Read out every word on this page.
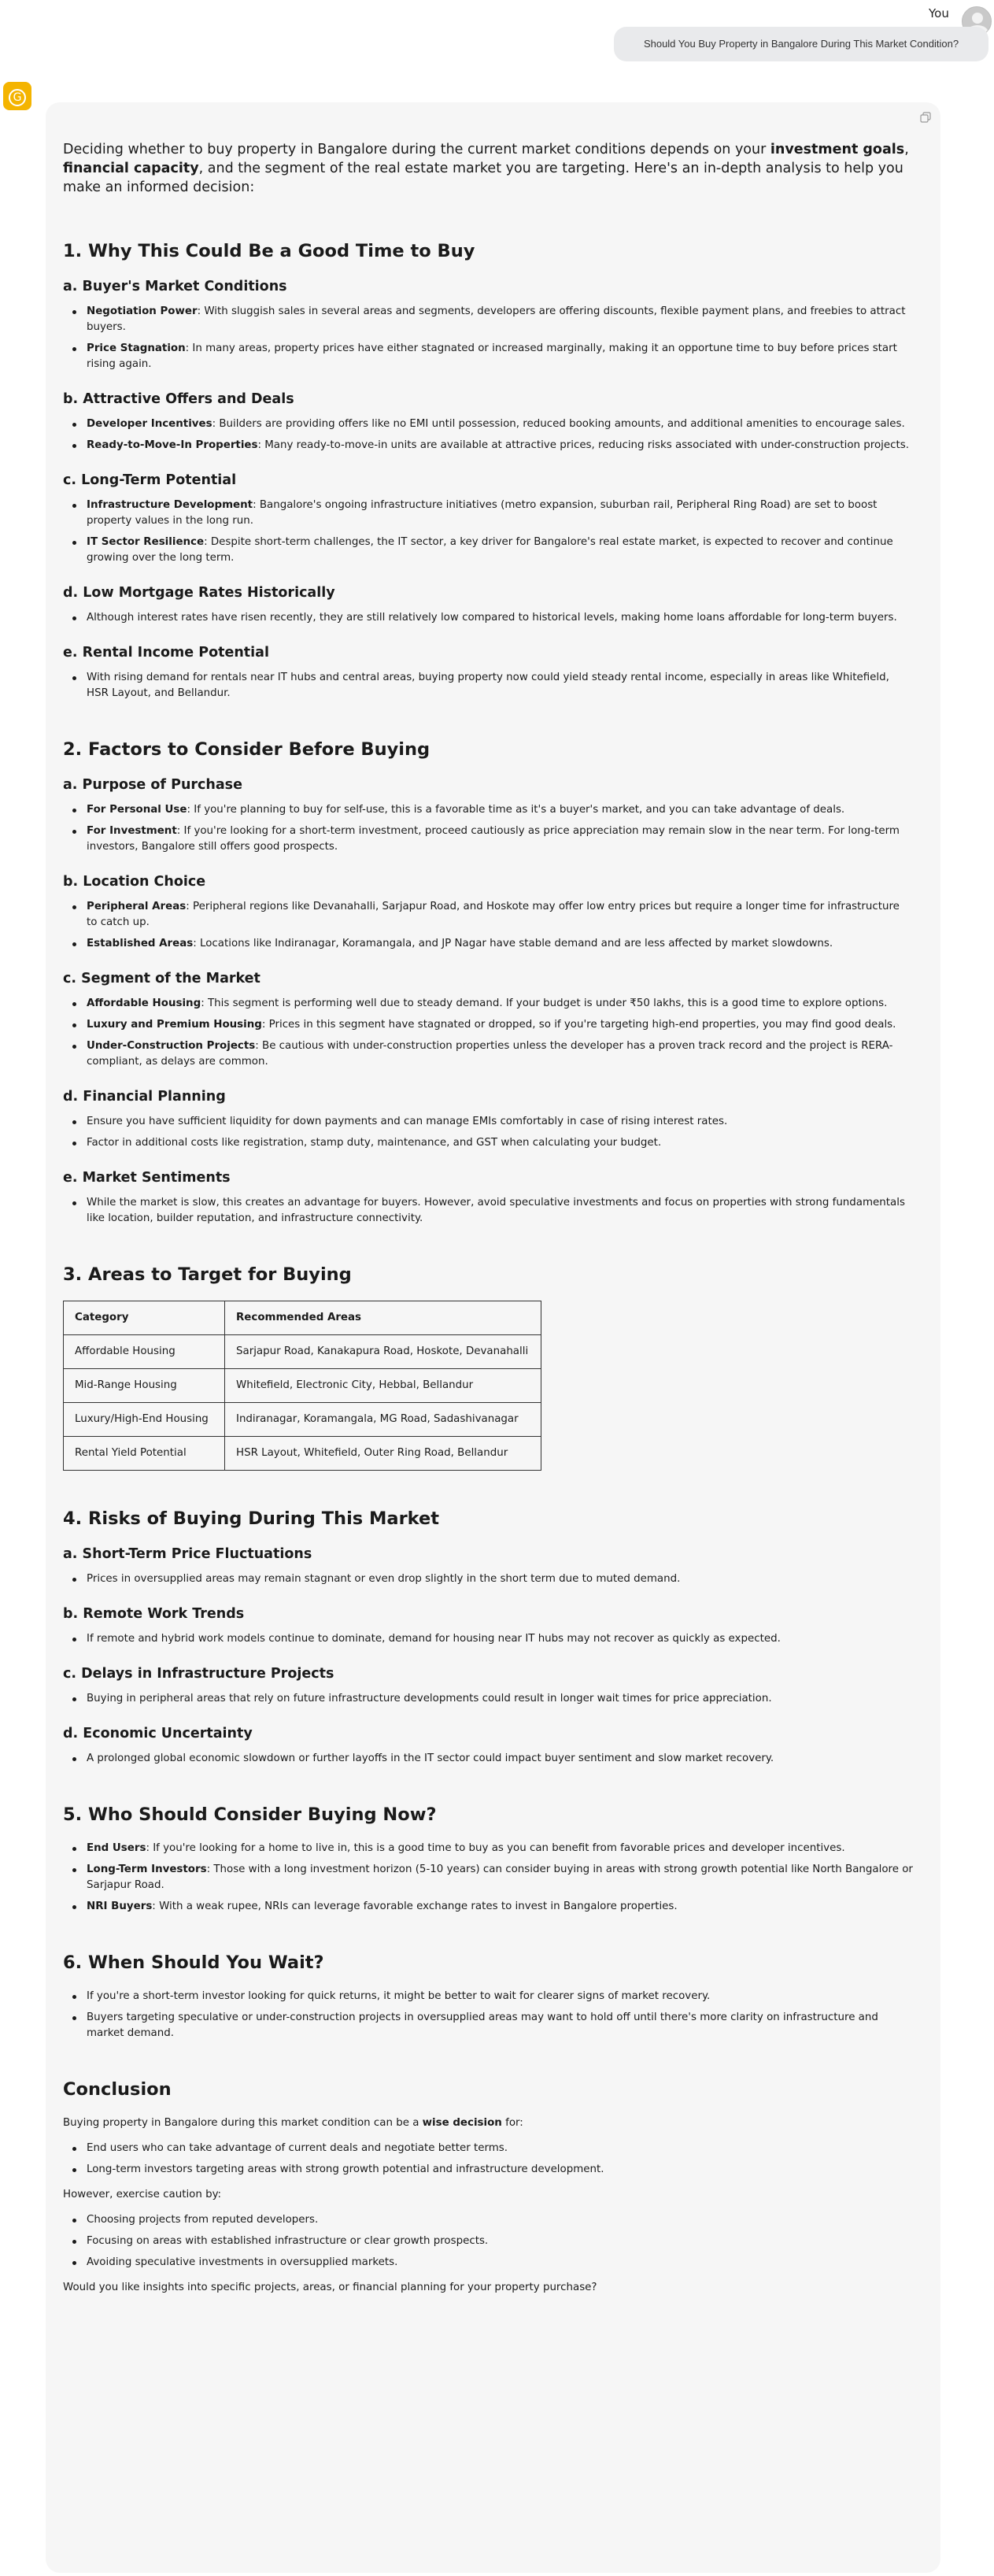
You
Should You Buy Property in Bangalore During This Market Condition?
G

Deciding whether to buy property in Bangalore during the current market conditions depends on your investment goals, financial capacity, and the segment of the real estate market you are targeting. Here's an in-depth analysis to help you make an informed decision:

1. Why This Could Be a Good Time to Buy
a. Buyer's Market Conditions
Negotiation Power: With sluggish sales in several areas and segments, developers are offering discounts, flexible payment plans, and freebies to attract buyers.
Price Stagnation: In many areas, property prices have either stagnated or increased marginally, making it an opportune time to buy before prices start rising again.
b. Attractive Offers and Deals
Developer Incentives: Builders are providing offers like no EMI until possession, reduced booking amounts, and additional amenities to encourage sales.
Ready-to-Move-In Properties: Many ready-to-move-in units are available at attractive prices, reducing risks associated with under-construction projects.
c. Long-Term Potential
Infrastructure Development: Bangalore's ongoing infrastructure initiatives (metro expansion, suburban rail, Peripheral Ring Road) are set to boost property values in the long run.
IT Sector Resilience: Despite short-term challenges, the IT sector, a key driver for Bangalore's real estate market, is expected to recover and continue growing over the long term.
d. Low Mortgage Rates Historically
Although interest rates have risen recently, they are still relatively low compared to historical levels, making home loans affordable for long-term buyers.
e. Rental Income Potential
With rising demand for rentals near IT hubs and central areas, buying property now could yield steady rental income, especially in areas like Whitefield, HSR Layout, and Bellandur.
2. Factors to Consider Before Buying
a. Purpose of Purchase
For Personal Use: If you're planning to buy for self-use, this is a favorable time as it's a buyer's market, and you can take advantage of deals.
For Investment: If you're looking for a short-term investment, proceed cautiously as price appreciation may remain slow in the near term. For long-term investors, Bangalore still offers good prospects.
b. Location Choice
Peripheral Areas: Peripheral regions like Devanahalli, Sarjapur Road, and Hoskote may offer low entry prices but require a longer time for infrastructure to catch up.
Established Areas: Locations like Indiranagar, Koramangala, and JP Nagar have stable demand and are less affected by market slowdowns.
c. Segment of the Market
Affordable Housing: This segment is performing well due to steady demand. If your budget is under ₹50 lakhs, this is a good time to explore options.
Luxury and Premium Housing: Prices in this segment have stagnated or dropped, so if you're targeting high-end properties, you may find good deals.
Under-Construction Projects: Be cautious with under-construction properties unless the developer has a proven track record and the project is RERA-compliant, as delays are common.
d. Financial Planning
Ensure you have sufficient liquidity for down payments and can manage EMIs comfortably in case of rising interest rates.
Factor in additional costs like registration, stamp duty, maintenance, and GST when calculating your budget.
e. Market Sentiments
While the market is slow, this creates an advantage for buyers. However, avoid speculative investments and focus on properties with strong fundamentals like location, builder reputation, and infrastructure connectivity.
3. Areas to Target for Buying
Category	Recommended Areas
Affordable Housing	Sarjapur Road, Kanakapura Road, Hoskote, Devanahalli
Mid-Range Housing	Whitefield, Electronic City, Hebbal, Bellandur
Luxury/High-End Housing	Indiranagar, Koramangala, MG Road, Sadashivanagar
Rental Yield Potential	HSR Layout, Whitefield, Outer Ring Road, Bellandur
4. Risks of Buying During This Market
a. Short-Term Price Fluctuations
Prices in oversupplied areas may remain stagnant or even drop slightly in the short term due to muted demand.
b. Remote Work Trends
If remote and hybrid work models continue to dominate, demand for housing near IT hubs may not recover as quickly as expected.
c. Delays in Infrastructure Projects
Buying in peripheral areas that rely on future infrastructure developments could result in longer wait times for price appreciation.
d. Economic Uncertainty
A prolonged global economic slowdown or further layoffs in the IT sector could impact buyer sentiment and slow market recovery.
5. Who Should Consider Buying Now?
End Users: If you're looking for a home to live in, this is a good time to buy as you can benefit from favorable prices and developer incentives.
Long-Term Investors: Those with a long investment horizon (5-10 years) can consider buying in areas with strong growth potential like North Bangalore or Sarjapur Road.
NRI Buyers: With a weak rupee, NRIs can leverage favorable exchange rates to invest in Bangalore properties.
6. When Should You Wait?
If you're a short-term investor looking for quick returns, it might be better to wait for clearer signs of market recovery.
Buyers targeting speculative or under-construction projects in oversupplied areas may want to hold off until there's more clarity on infrastructure and market demand.
Conclusion

Buying property in Bangalore during this market condition can be a wise decision for:

End users who can take advantage of current deals and negotiate better terms.
Long-term investors targeting areas with strong growth potential and infrastructure development.

However, exercise caution by:

Choosing projects from reputed developers.
Focusing on areas with established infrastructure or clear growth prospects.
Avoiding speculative investments in oversupplied markets.

Would you like insights into specific projects, areas, or financial planning for your property purchase?
